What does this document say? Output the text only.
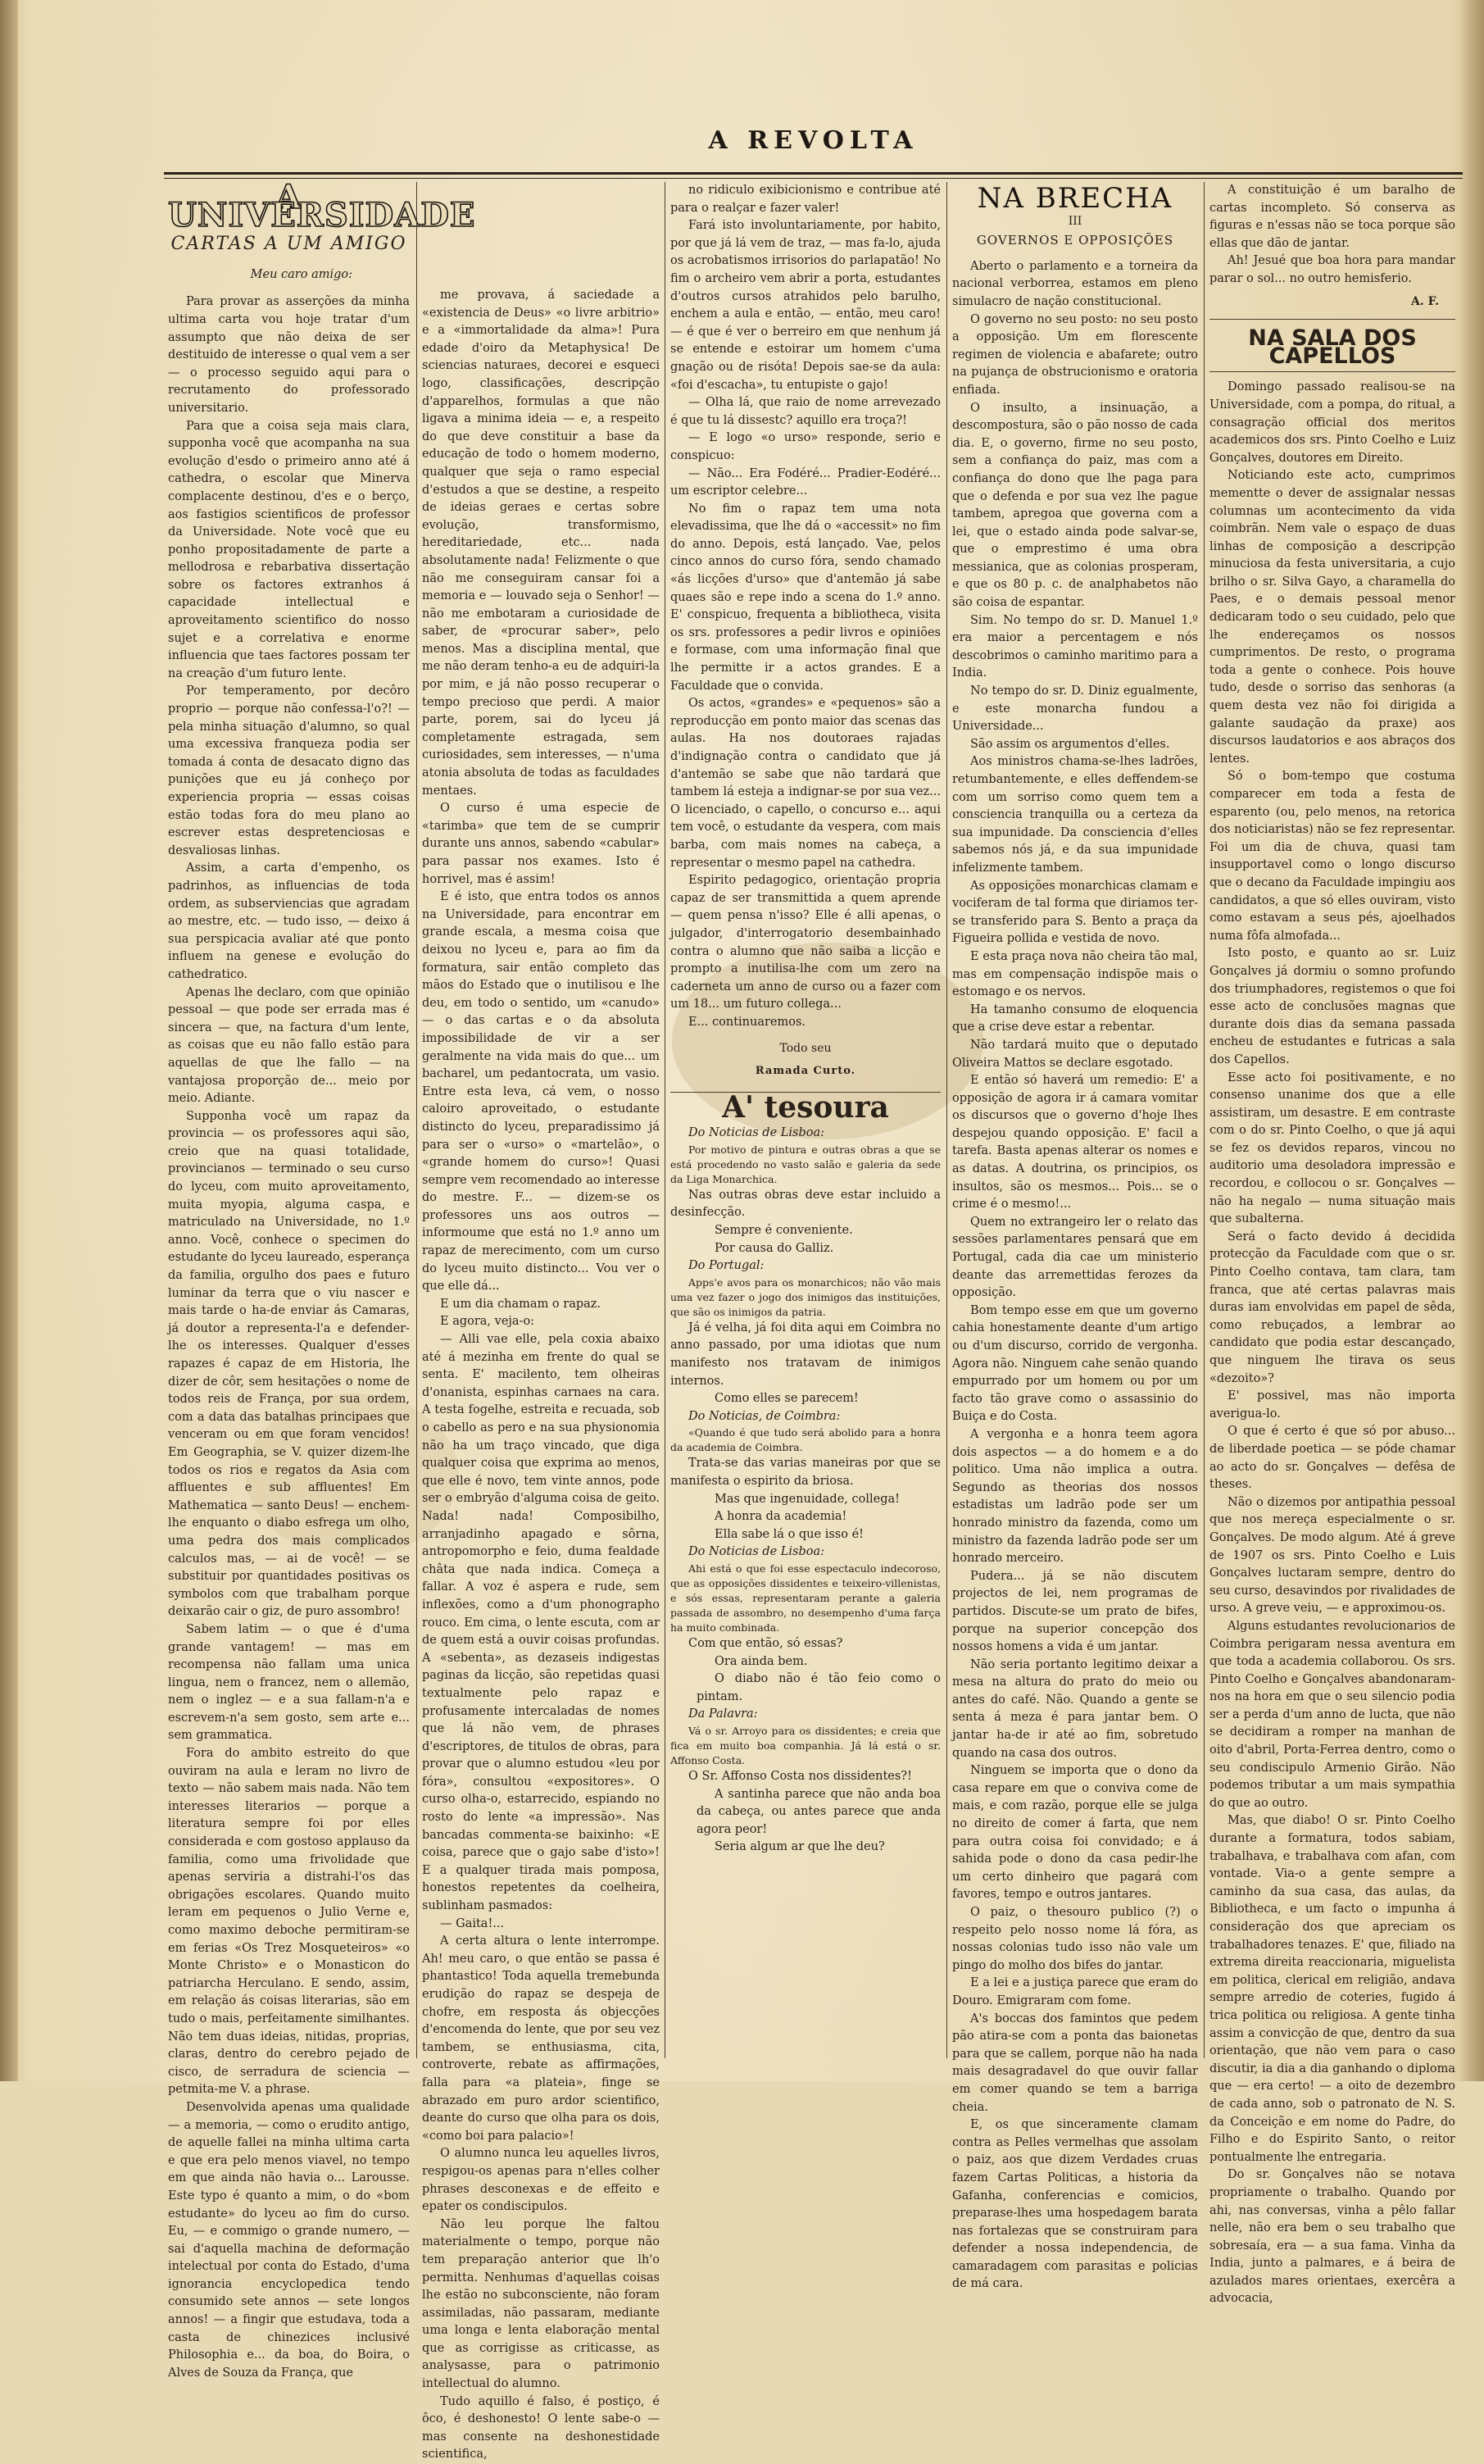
A REVOLTA
A UNIVERSIDADE
CARTAS A UM AMIGO
Meu caro amigo:

Para provar as asserções da minha ultima carta vou hoje tratar d'um assumpto que não deixa de ser destituido de interesse o qual vem a ser — o processo seguido aqui para o recrutamento do professorado universitario.

Para que a coisa seja mais clara, supponha você que acompanha na sua evolução d'esdo o primeiro anno até á cathedra, o escolar que Minerva complacente destinou, d'es e o berço, aos fastigios scientificos de professor da Universidade. Note você que eu ponho propositadamente de parte a mellodrosa e rebarbativa dissertação sobre os factores extranhos á capacidade intellectual e aproveitamento scientifico do nosso sujet e a correlativa e enorme influencia que taes factores possam ter na creação d'um futuro lente.

Por temperamento, por decôro proprio — porque não confessa-l'o?! — pela minha situação d'alumno, so qual uma excessiva franqueza podia ser tomada á conta de desacato digno das punições que eu já conheço por experiencia propria — essas coisas estão todas fora do meu plano ao escrever estas despretenciosas e desvaliosas linhas.

Assim, a carta d'empenho, os padrinhos, as influencias de toda ordem, as subserviencias que agradam ao mestre, etc. — tudo isso, — deixo á sua perspicacia avaliar até que ponto influem na genese e evolução do cathedratico.

Apenas lhe declaro, com que opinião pessoal — que pode ser errada mas é sincera — que, na factura d'um lente, as coisas que eu não fallo estão para aquellas de que lhe fallo — na vantajosa proporção de... meio por meio. Adiante.

Supponha você um rapaz da provincia — os professores aqui são, creio que na quasi totalidade, provincianos — terminado o seu curso do lyceu, com muito aproveitamento, muita myopia, alguma caspa, e matriculado na Universidade, no 1.º anno. Você, conhece o specimen do estudante do lyceu laureado, esperança da familia, orgulho dos paes e futuro luminar da terra que o viu nascer e mais tarde o ha-de enviar ás Camaras, já doutor a representa-l'a e defender-lhe os interesses. Qualquer d'esses rapazes é capaz de em Historia, lhe dizer de côr, sem hesitações o nome de todos reis de França, por sua ordem, com a data das batalhas principaes que venceram ou em que foram vencidos! Em Geographia, se V. quizer dizem-lhe todos os rios e regatos da Asia com affluentes e sub affluentes! Em Mathematica — santo Deus! — enchem-lhe enquanto o diabo esfrega um olho, uma pedra dos mais complicados calculos mas, — ai de você! — se substituir por quantidades positivas os symbolos com que trabalham porque deixarão cair o giz, de puro assombro!

Sabem latim — o que é d'uma grande vantagem! — mas em recompensa não fallam uma unica lingua, nem o francez, nem o allemão, nem o inglez — e a sua fallam-n'a e escrevem-n'a sem gosto, sem arte e... sem grammatica.

Fora do ambito estreito do que ouviram na aula e leram no livro de texto — não sabem mais nada. Não tem interesses literarios — porque a literatura sempre foi por elles considerada e com gostoso applauso da familia, como uma frivolidade que apenas serviria a distrahi-l'os das obrigações escolares. Quando muito leram em pequenos o Julio Verne e, como maximo deboche permitiram-se em ferias «Os Trez Mosqueteiros» «o Monte Christo» e o Monasticon do patriarcha Herculano. E sendo, assim, em relação ás coisas literarias, são em tudo o mais, perfeitamente similhantes. Não tem duas ideias, nitidas, proprias, claras, dentro do cerebro pejado de cisco, de serradura de sciencia — petmita-me V. a phrase.

Desenvolvida apenas uma qualidade — a memoria, — como o erudito antigo, de aquelle fallei na minha ultima carta e que era pelo menos viavel, no tempo em que ainda não havia o... Larousse. Este typo é quanto a mim, o do «bom estudante» do lyceu ao fim do curso. Eu, — e commigo o grande numero, — sai d'aquella machina de deformação intelectual por conta do Estado, d'uma ignorancia encyclopedica tendo consumido sete annos — sete longos annos! — a fingir que estudava, toda a casta de chinezices inclusivé Philosophia e... da boa, do Boira, o Alves de Souza da França, que

me provava, á saciedade a «existencia de Deus» «o livre arbitrio» e a «immortalidade da alma»! Pura edade d'oiro da Metaphysica! De sciencias naturaes, decorei e esqueci logo, classificações, descripção d'apparelhos, formulas a que não ligava a minima ideia — e, a respeito do que deve constituir a base da educação de todo o homem moderno, qualquer que seja o ramo especial d'estudos a que se destine, a respeito de ideias geraes e certas sobre evolução, transformismo, hereditariedade, etc... nada absolutamente nada! Felizmente o que não me conseguiram cansar foi a memoria e — louvado seja o Senhor! — não me embotaram a curiosidade de saber, de «procurar saber», pelo menos. Mas a disciplina mental, que me não deram tenho-a eu de adquiri-la por mim, e já não posso recuperar o tempo precioso que perdi. A maior parte, porem, sai do lyceu já completamente estragada, sem curiosidades, sem interesses, — n'uma atonia absoluta de todas as faculdades mentaes.

O curso é uma especie de «tarimba» que tem de se cumprir durante uns annos, sabendo «cabular» para passar nos exames. Isto é horrivel, mas é assim!

E é isto, que entra todos os annos na Universidade, para encontrar em grande escala, a mesma coisa que deixou no lyceu e, para ao fim da formatura, sair então completo das mãos do Estado que o inutilisou e lhe deu, em todo o sentido, um «canudo» — o das cartas e o da absoluta impossibilidade de vir a ser geralmente na vida mais do que... um bacharel, um pedantocrata, um vasio. Entre esta leva, cá vem, o nosso caloiro aproveitado, o estudante distincto do lyceu, preparadissimo já para ser o «urso» o «martelão», o «grande homem do curso»! Quasi sempre vem recomendado ao interesse do mestre. F... — dizem-se os professores uns aos outros — informoume que está no 1.º anno um rapaz de merecimento, com um curso do lyceu muito distincto... Vou ver o que elle dá...

E um dia chamam o rapaz.

E agora, veja-o:

— Alli vae elle, pela coxia abaixo até á mezinha em frente do qual se senta. E' macilento, tem olheiras d'onanista, espinhas carnaes na cara. A testa fogelhe, estreita e recuada, sob o cabello as pero e na sua physionomia não ha um traço vincado, que diga qualquer coisa que exprima ao menos, que elle é novo, tem vinte annos, pode ser o embryão d'alguma coisa de geito. Nada! nada! Composibilho, arranjadinho apagado e sôrna, antropomorpho e feio, duma fealdade châta que nada indica. Começa a fallar. A voz é aspera e rude, sem inflexões, como a d'um phonographo rouco. Em cima, o lente escuta, com ar de quem está a ouvir coisas profundas. A «sebenta», as dezaseis indigestas paginas da licção, são repetidas quasi textualmente pelo rapaz e profusamente intercaladas de nomes que lá não vem, de phrases d'escriptores, de titulos de obras, para provar que o alumno estudou «leu por fóra», consultou «expositores». O curso olha-o, estarrecido, espiando no rosto do lente «a impressão». Nas bancadas commenta-se baixinho: «E coisa, parece que o gajo sabe d'isto»! E a qualquer tirada mais pomposa, honestos repetentes da coelheira, sublinham pasmados:

— Gaita!...

A certa altura o lente interrompe. Ah! meu caro, o que então se passa é phantastico! Toda aquella tremebunda erudição do rapaz se despeja de chofre, em resposta ás objecções d'encomenda do lente, que por seu vez tambem, se enthusiasma, cita, controverte, rebate as affirmações, falla para «a plateia», finge se abrazado em puro ardor scientifico, deante do curso que olha para os dois, «como boi para palacio»!

O alumno nunca leu aquelles livros, respigou-os apenas para n'elles colher phrases desconexas e de effeito e epater os condiscipulos.

Não leu porque lhe faltou materialmente o tempo, porque não tem preparação anterior que lh'o permitta. Nenhumas d'aquellas coisas lhe estão no subconsciente, não foram assimiladas, não passaram, mediante uma longa e lenta elaboração mental que as corrigisse as criticasse, as analysasse, para o patrimonio intellectual do alumno.

Tudo aquillo é falso, é postiço, é ôco, é deshonesto! O lente sabe-o — mas consente na deshonestidade scientifica,

no ridiculo exibicionismo e contribue até para o realçar e fazer valer!

Fará isto involuntariamente, por habito, por que já lá vem de traz, — mas fa-lo, ajuda os acrobatismos irrisorios do parlapatão! No fim o archeiro vem abrir a porta, estudantes d'outros cursos atrahidos pelo barulho, enchem a aula e então, — então, meu caro! — é que é ver o berreiro em que nenhum já se entende e estoirar um homem c'uma gnação ou de risóta! Depois sae-se da aula: «foi d'escacha», tu entupiste o gajo!

— Olha lá, que raio de nome arrevezado é que tu lá dissestc? aquillo era troça?!

— E logo «o urso» responde, serio e conspicuo:

— Não... Era Fodéré... Pradier-Eodéré... um escriptor celebre...

No fim o rapaz tem uma nota elevadissima, que lhe dá o «accessit» no fim do anno. Depois, está lançado. Vae, pelos cinco annos do curso fóra, sendo chamado «ás licções d'urso» que d'antemão já sabe quaes são e repe indo a scena do 1.º anno. E' conspicuo, frequenta a bibliotheca, visita os srs. professores a pedir livros e opiniões e formase, com uma informação final que lhe permitte ir a actos grandes. E a Faculdade que o convida.

Os actos, «grandes» e «pequenos» são a reproducção em ponto maior das scenas das aulas. Ha nos doutoraes rajadas d'indignação contra o candidato que já d'antemão se sabe que não tardará que tambem lá esteja a indignar-se por sua vez... O licenciado, o capello, o concurso e... aqui tem você, o estudante da vespera, com mais barba, com mais nomes na cabeça, a representar o mesmo papel na cathedra.

Espirito pedagogico, orientação propria capaz de ser transmittida a quem aprende — quem pensa n'isso? Elle é alli apenas, o julgador, d'interrogatorio desembainhado contra o alumno que não saiba a licção e prompto a inutilisa-lhe com um zero na caderneta um anno de curso ou a fazer com um 18... um futuro collega...

E... continuaremos.

Todo seu
Ramada Curto.
A' tesoura

Do Noticias de Lisboa:

Por motivo de pintura e outras obras a que se está procedendo no vasto salão e galeria da sede da Liga Monarchica.

Nas outras obras deve estar incluido a desinfecção.

Sempre é conveniente.

Por causa do Galliz.

Do Portugal:

Apps'e avos para os monarchicos; não vão mais uma vez fazer o jogo dos inimigos das instituições, que são os inimigos da patria.

Já é velha, já foi dita aqui em Coimbra no anno passado, por uma idiotas que num manifesto nos tratavam de inimigos internos.

Como elles se parecem!

Do Noticias, de Coimbra:

«Quando é que tudo será abolido para a honra da academia de Coimbra.

Trata-se das varias maneiras por que se manifesta o espirito da briosa.

Mas que ingenuidade, collega!

A honra da academia!

Ella sabe lá o que isso é!

Do Noticias de Lisboa:

Ahi está o que foi esse espectaculo indecoroso, que as opposições dissidentes e teixeiro-villenistas, e sós essas, representaram perante a galeria passada de assombro, no desempenho d'uma farça ha muito combinada.

Com que então, só essas?

Ora ainda bem.

O diabo não é tão feio como o pintam.

Da Palavra:

Vá o sr. Arroyo para os dissidentes; e creia que fica em muito boa companhia. Já lá está o sr. Affonso Costa.

O Sr. Affonso Costa nos dissidentes?!

A santinha parece que não anda boa da cabeça, ou antes parece que anda agora peor!

Seria algum ar que lhe deu?

NA BRECHA
III
GOVERNOS E OPPOSIÇÕES

Aberto o parlamento e a torneira da nacional verborrea, estamos em pleno simulacro de nação constitucional.

O governo no seu posto: no seu posto a opposição. Um em florescente regimen de violencia e abafarete; outro na pujança de obstrucionismo e oratoria enfiada.

O insulto, a insinuação, a descompostura, são o pão nosso de cada dia. E, o governo, firme no seu posto, sem a confiança do paiz, mas com a confiança do dono que lhe paga para que o defenda e por sua vez lhe pague tambem, apregoa que governa com a lei, que o estado ainda pode salvar-se, que o emprestimo é uma obra messianica, que as colonias prosperam, e que os 80 p. c. de analphabetos não são coisa de espantar.

Sim. No tempo do sr. D. Manuel 1.º era maior a percentagem e nós descobrimos o caminho maritimo para a India.

No tempo do sr. D. Diniz egualmente, e este monarcha fundou a Universidade...

São assim os argumentos d'elles.

Aos ministros chama-se-lhes ladrões, retumbantemente, e elles deffendem-se com um sorriso como quem tem a consciencia tranquilla ou a certeza da sua impunidade. Da consciencia d'elles sabemos nós já, e da sua impunidade infelizmente tambem.

As opposições monarchicas clamam e vociferam de tal forma que diriamos ter-se transferido para S. Bento a praça da Figueira pollida e vestida de novo.

E esta praça nova não cheira tão mal, mas em compensação indispõe mais o estomago e os nervos.

Ha tamanho consumo de eloquencia que a crise deve estar a rebentar.

Não tardará muito que o deputado Oliveira Mattos se declare esgotado.

E então só haverá um remedio: E' a opposição de agora ir á camara vomitar os discursos que o governo d'hoje lhes despejou quando opposição. E' facil a tarefa. Basta apenas alterar os nomes e as datas. A doutrina, os principios, os insultos, são os mesmos... Pois... se o crime é o mesmo!...

Quem no extrangeiro ler o relato das sessões parlamentares pensará que em Portugal, cada dia cae um ministerio deante das arremettidas ferozes da opposição.

Bom tempo esse em que um governo cahia honestamente deante d'um artigo ou d'um discurso, corrido de vergonha. Agora não. Ninguem cahe senão quando empurrado por um homem ou por um facto tão grave como o assassinio do Buiça e do Costa.

A vergonha e a honra teem agora dois aspectos — a do homem e a do politico. Uma não implica a outra. Segundo as theorias dos nossos estadistas um ladrão pode ser um honrado ministro da fazenda, como um ministro da fazenda ladrão pode ser um honrado merceiro.

Pudera... já se não discutem projectos de lei, nem programas de partidos. Discute-se um prato de bifes, porque na superior concepção dos nossos homens a vida é um jantar.

Não seria portanto legitimo deixar a mesa na altura do prato do meio ou antes do café. Não. Quando a gente se senta á meza é para jantar bem. O jantar ha-de ir até ao fim, sobretudo quando na casa dos outros.

Ninguem se importa que o dono da casa repare em que o conviva come de mais, e com razão, porque elle se julga no direito de comer á farta, que nem para outra coisa foi convidado; e á sahida pode o dono da casa pedir-lhe um certo dinheiro que pagará com favores, tempo e outros jantares.

O paiz, o thesouro publico (?) o respeito pelo nosso nome lá fóra, as nossas colonias tudo isso não vale um pingo do molho dos bifes do jantar.

E a lei e a justiça parece que eram do Douro. Emigraram com fome.

A's boccas dos famintos que pedem pão atira-se com a ponta das baionetas para que se callem, porque não ha nada mais desagradavel do que ouvir fallar em comer quando se tem a barriga cheia.

E, os que sinceramente clamam contra as Pelles vermelhas que assolam o paiz, aos que dizem Verdades cruas fazem Cartas Politicas, a historia da Gafanha, conferencias e comicios, preparase-lhes uma hospedagem barata nas fortalezas que se construiram para defender a nossa independencia, de camaradagem com parasitas e policias de má cara.

A constituição é um baralho de cartas incompleto. Só conserva as figuras e n'essas não se toca porque são ellas que dão de jantar.

Ah! Jesué que boa hora para mandar parar o sol... no outro hemisferio.

A. F.
NA SALA DOS CAPELLOS

Domingo passado realisou-se na Universidade, com a pompa, do ritual, a consagração official dos meritos academicos dos srs. Pinto Coelho e Luiz Gonçalves, doutores em Direito.

Noticiando este acto, cumprimos mementte o dever de assignalar nessas columnas um acontecimento da vida coimbrãn. Nem vale o espaço de duas linhas de composição a descripção minuciosa da festa universitaria, a cujo brilho o sr. Silva Gayo, a charamella do Paes, e o demais pessoal menor dedicaram todo o seu cuidado, pelo que lhe endereçamos os nossos cumprimentos. De resto, o programa toda a gente o conhece. Pois houve tudo, desde o sorriso das senhoras (a quem desta vez não foi dirigida a galante saudação da praxe) aos discursos laudatorios e aos abraços dos lentes.

Só o bom-tempo que costuma comparecer em toda a festa de esparento (ou, pelo menos, na retorica dos noticiaristas) não se fez representar. Foi um dia de chuva, quasi tam insupportavel como o longo discurso que o decano da Faculdade impingiu aos candidatos, a que só elles ouviram, visto como estavam a seus pés, ajoelhados numa fôfa almofada...

Isto posto, e quanto ao sr. Luiz Gonçalves já dormiu o somno profundo dos triumphadores, registemos o que foi esse acto de conclusões magnas que durante dois dias da semana passada encheu de estudantes e futricas a sala dos Capellos.

Esse acto foi positivamente, e no consenso unanime dos que a elle assistiram, um desastre. E em contraste com o do sr. Pinto Coelho, o que já aqui se fez os devidos reparos, vincou no auditorio uma desoladora impressão e recordou, e collocou o sr. Gonçalves — não ha negalo — numa situação mais que subalterna.

Será o facto devido á decidida protecção da Faculdade com que o sr. Pinto Coelho contava, tam clara, tam franca, que até certas palavras mais duras iam envolvidas em papel de sêda, como rebuçados, a lembrar ao candidato que podia estar descançado, que ninguem lhe tirava os seus «dezoito»?

E' possivel, mas não importa averigua-lo.

O que é certo é que só por abuso... de liberdade poetica — se póde chamar ao acto do sr. Gonçalves — defêsa de theses.

Não o dizemos por antipathia pessoal que nos mereça especialmente o sr. Gonçalves. De modo algum. Até á greve de 1907 os srs. Pinto Coelho e Luis Gonçalves luctaram sempre, dentro do seu curso, desavindos por rivalidades de urso. A greve veiu, — e approximou-os.

Alguns estudantes revolucionarios de Coimbra perigaram nessa aventura em que toda a academia collaborou. Os srs. Pinto Coelho e Gonçalves abandonaram-nos na hora em que o seu silencio podia ser a perda d'um anno de lucta, que não se decidiram a romper na manhan de oito d'abril, Porta-Ferrea dentro, como o seu condiscipulo Armenio Girão. Não podemos tributar a um mais sympathia do que ao outro.

Mas, que diabo! O sr. Pinto Coelho durante a formatura, todos sabiam, trabalhava, e trabalhava com afan, com vontade. Via-o a gente sempre a caminho da sua casa, das aulas, da Bibliotheca, e um facto o impunha á consideração dos que apreciam os trabalhadores tenazes. E' que, filiado na extrema direita reaccionaria, miguelista em politica, clerical em religião, andava sempre arredio de coteries, fugido á trica politica ou religiosa. A gente tinha assim a convicção de que, dentro da sua orientação, que não vem para o caso discutir, ia dia a dia ganhando o diploma que — era certo! — a oito de dezembro de cada anno, sob o patronato de N. S. da Conceição e em nome do Padre, do Filho e do Espirito Santo, o reitor pontualmente lhe entregaria.

Do sr. Gonçalves não se notava propriamente o trabalho. Quando por ahi, nas conversas, vinha a pêlo fallar nelle, não era bem o seu trabalho que sobresaía, era — a sua fama. Vinha da India, junto a palmares, e á beira de azulados mares orientaes, exercêra a advocacia,
